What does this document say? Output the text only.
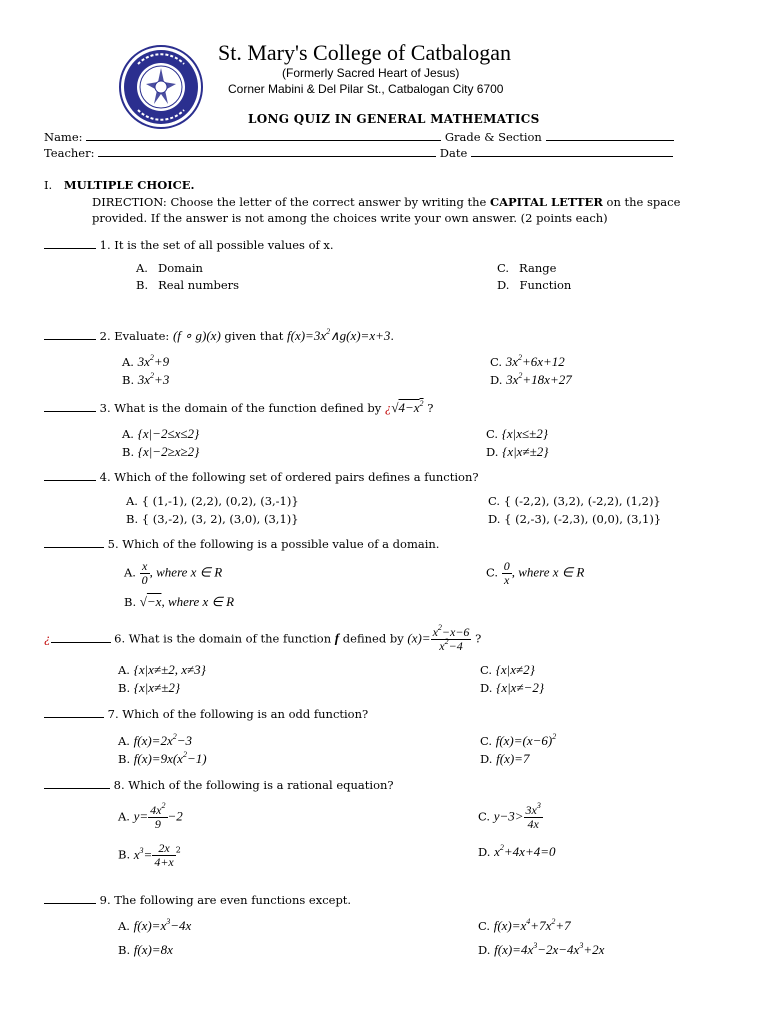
St. Mary's College of Catbalogan
(Formerly Sacred Heart of Jesus)
Corner Mabini & Del Pilar St., Catbalogan City 6700
LONG QUIZ IN GENERAL MATHEMATICS
Name:	Grade & Section
Teacher:	Date
I. MULTIPLE CHOICE.
DIRECTION: Choose the letter of the correct answer by writing the CAPITAL LETTER on the space
provided. If the answer is not among the choices write your own answer. (2 points each)
1. It is the set of all possible values of x.
A. Domain
B. Real numbers
C. Range
D. Function
2. Evaluate: (f ∘ g)(x) given that $f(x)=3x^2\wedge g(x)=x+3$.
A. $3x^2+9$
B. $3x^2+3$
C. $3x^2+6x+12$
D. $3x^2+18x+27$
3. What is the domain of the function defined by ¿$√4-x^2$ ?
A. {x|−2≤x≤2}
B. {x|−2≥x≥2}
C. {x|x≤±2}
D. {x|x≠±2}
4. Which of the following set of ordered pairs defines a function?
A. { (1,-1), (2,2), (0,2), (3,-1)}
B. { (3,-2), (3, 2), (3,0), (3,1)}
C. { (-2,2), (3,2), (-2,2), (1,2)}
D. { (2,-3), (-2,3), (0,0), (3,1)}
5. Which of the following is a possible value of a domain.
A. $\frac{x}{0}$ , where x ∈ R
B. √−x, where x ∈ R
C. $\frac{0}{x}$ , where x ∈ R
¿	6. What is the domain of the function f defined by $(x)= \frac{x^2-x-6}{x^2-4}$ ?
A. {x|x≠±2, x≠3}
B. {x|x≠±2}
C. {x|x≠2}
D. {x|x≠−2}
7. Which of the following is an odd function?
A. $f(x)=2x^2-3$
B. $f(x)=9x(x^2-1)$
C. $f(x)=(x-6)^2$
D. f(x)=7
8. Which of the following is a rational equation?
A. $y= \frac{4x^2}{9} -2$
B. $x^3= \frac{2x}{4+x} ^2$
C. $y-3> \frac{3x^3}{4x}$
D. $x^2+4x+4=0$
9. The following are even functions except.
A. $f(x)=x^3-4x$
B. f(x)=8x
C. $f(x)=x^4+7x^2+7$
D. $f(x)=4x^3-2x-4x^3+2x$
